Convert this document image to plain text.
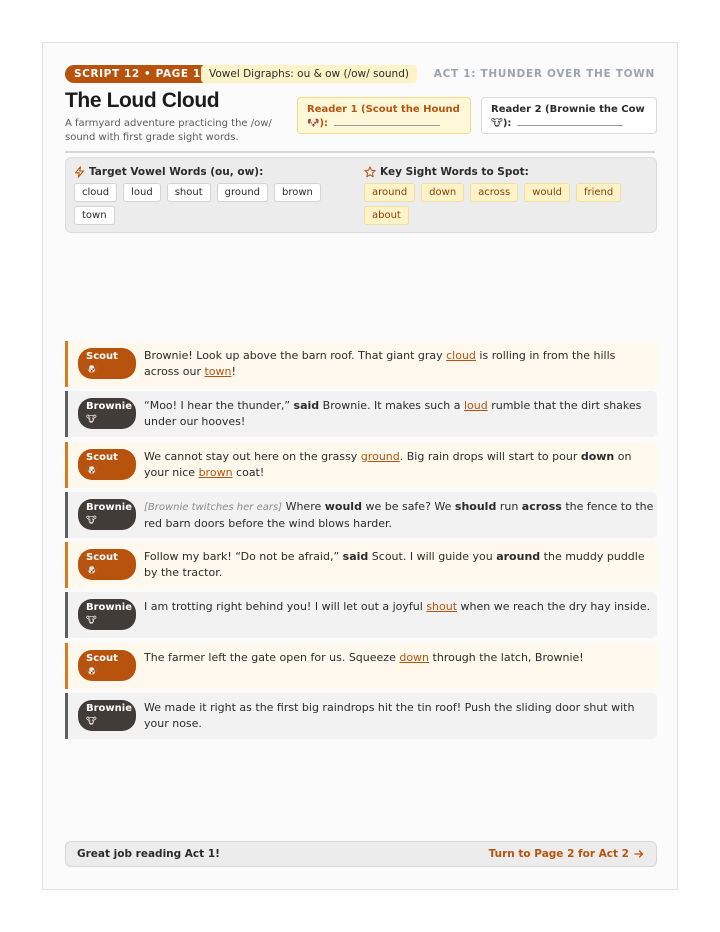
SCRIPT 12 • PAGE 1 Vowel Digraphs: ou & ow (/ow/ sound)	ACT 1: THUNDER OVER THE TOWN
The Loud Cloud

A farmyard adventure practicing the /ow/ sound with first grade sight words.

Reader 1 (Scout the Hound 🐶):
Reader 2 (Brownie the Cow 🐮):
Target Vowel Words (ou, ow):
cloud	loud	shout	ground	brown
town
Key Sight Words to Spot:
around	down	across	would	friend
about
Scout
🐶
Brownie! Look up above the barn roof. That giant gray cloud is rolling in from the hills across our town!
Brownie
🐮
“Moo! I hear the thunder,” said Brownie. It makes such a loud rumble that the dirt shakes under our hooves!
Scout
🐶
We cannot stay out here on the grassy ground. Big rain drops will start to pour down on your nice brown coat!
Brownie
🐮
[Brownie twitches her ears] Where would we be safe? We should run across the fence to the red barn doors before the wind blows harder.
Scout
🐶
Follow my bark! “Do not be afraid,” said Scout. I will guide you around the muddy puddle by the tractor.
Brownie
🐮
I am trotting right behind you! I will let out a joyful shout when we reach the dry hay inside.
Scout
🐶
The farmer left the gate open for us. Squeeze down through the latch, Brownie!
Brownie
🐮
We made it right as the first big raindrops hit the tin roof! Push the sliding door shut with your nose.
Great job reading Act 1!	Turn to Page 2 for Act 2
